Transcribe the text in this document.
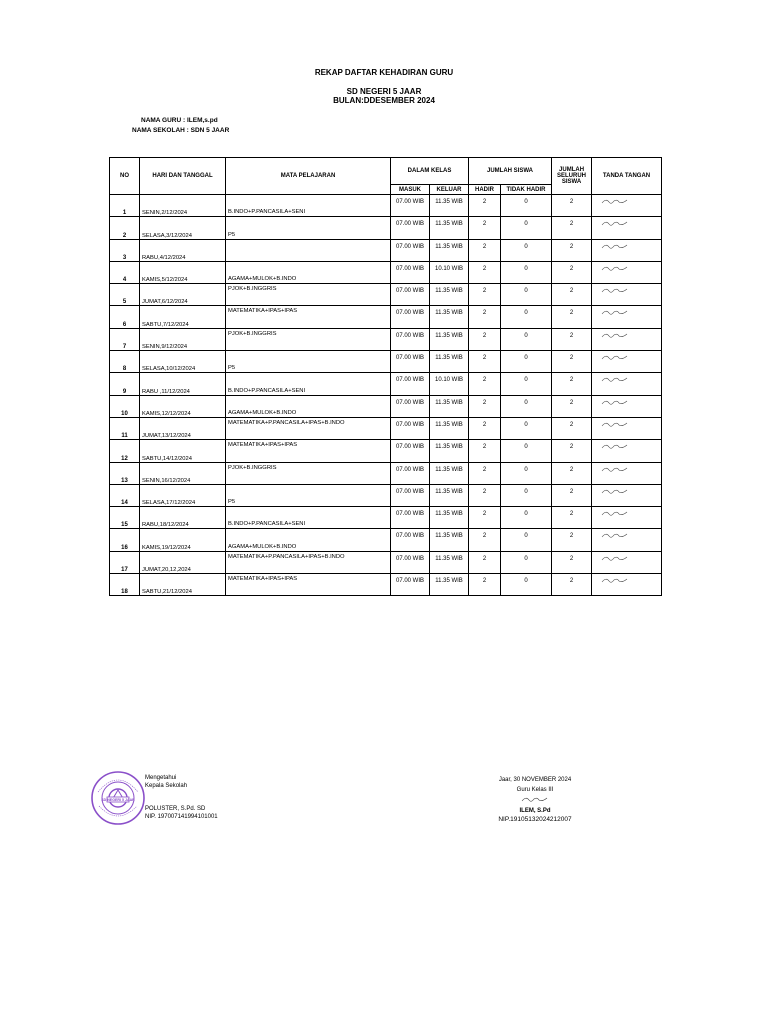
REKAP DAFTAR KEHADIRAN GURU
SD NEGERI 5 JAAR
BULAN:DDESEMBER 2024
NAMA GURU : ILEM,s.pd
NAMA SEKOLAH : SDN 5 JAAR
NO	HARI DAN TANGGAL	MATA PELAJARAN	DALAM KELAS		JUMLAH SISWA		JUMLAH SELURUH SISWA	TANDA TANGAN
			MASUK	KELUAR	HADIR	TIDAK HADIR		
1	SENIN,2/12/2024	B.INDO+P.PANCASILA+SENI	07.00 WIB	11.35 WIB	2	0	2	

2	SELASA,3/12/2024	P5	07.00 WIB	11.35 WIB	2	0	2	

3	RABU,4/12/2024		07.00 WIB	11.35 WIB	2	0	2	

4	KAMIS,5/12/2024	AGAMA+MULOK+B.INDO	07.00 WIB	10.10 WIB	2	0	2	

5	JUMAT,6/12/2024	PJOK+B.INGGRIS	07.00 WIB	11.35 WIB	2	0	2	

6	SABTU,7/12/2024	MATEMATIKA+IPAS+IPAS	07.00 WIB	11.35 WIB	2	0	2	

7	SENIN,9/12/2024	PJOK+B.INGGRIS	07.00 WIB	11.35 WIB	2	0	2	

8	SELASA,10/12/2024	P5	07.00 WIB	11.35 WIB	2	0	2	

9	RABU ,11/12/2024	B.INDO+P.PANCASILA+SENI	07.00 WIB	10.10 WIB	2	0	2	

10	KAMIS,12/12/2024	AGAMA+MULOK+B.INDO	07.00 WIB	11.35 WIB	2	0	2	

11	JUMAT,13/12/2024	MATEMATIKA+P.PANCASILA+IPAS+B.INDO	07.00 WIB	11.35 WIB	2	0	2	

12	SABTU,14/12/2024	MATEMATIKA+IPAS+IPAS	07.00 WIB	11.35 WIB	2	0	2	

13	SENIN,16/12/2024	PJOK+B.INGGRIS	07.00 WIB	11.35 WIB	2	0	2	

14	SELASA,17/12/2024	P5	07.00 WIB	11.35 WIB	2	0	2	

15	RABU,18/12/2024	B.INDO+P.PANCASILA+SENI	07.00 WIB	11.35 WIB	2	0	2	

16	KAMIS,19/12/2024	AGAMA+MULOK+B.INDO	07.00 WIB	11.35 WIB	2	0	2	

17	JUMAT,20,12,2024	MATEMATIKA+P.PANCASILA+IPAS+B.INDO	07.00 WIB	11.35 WIB	2	0	2	

18	SABTU,21/12/2024	MATEMATIKA+IPAS+IPAS	07.00 WIB	11.35 WIB	2	0	2	
SD NEGERI 5 JAAR
Mengetahui
Kepala Sekolah
POLUSTER, S.Pd. SD
NIP. 197007141994101001
Jaar, 30 NOVEMBER 2024
Guru Kelas III
ILEM, S.Pd
NIP.19​105132024212007
